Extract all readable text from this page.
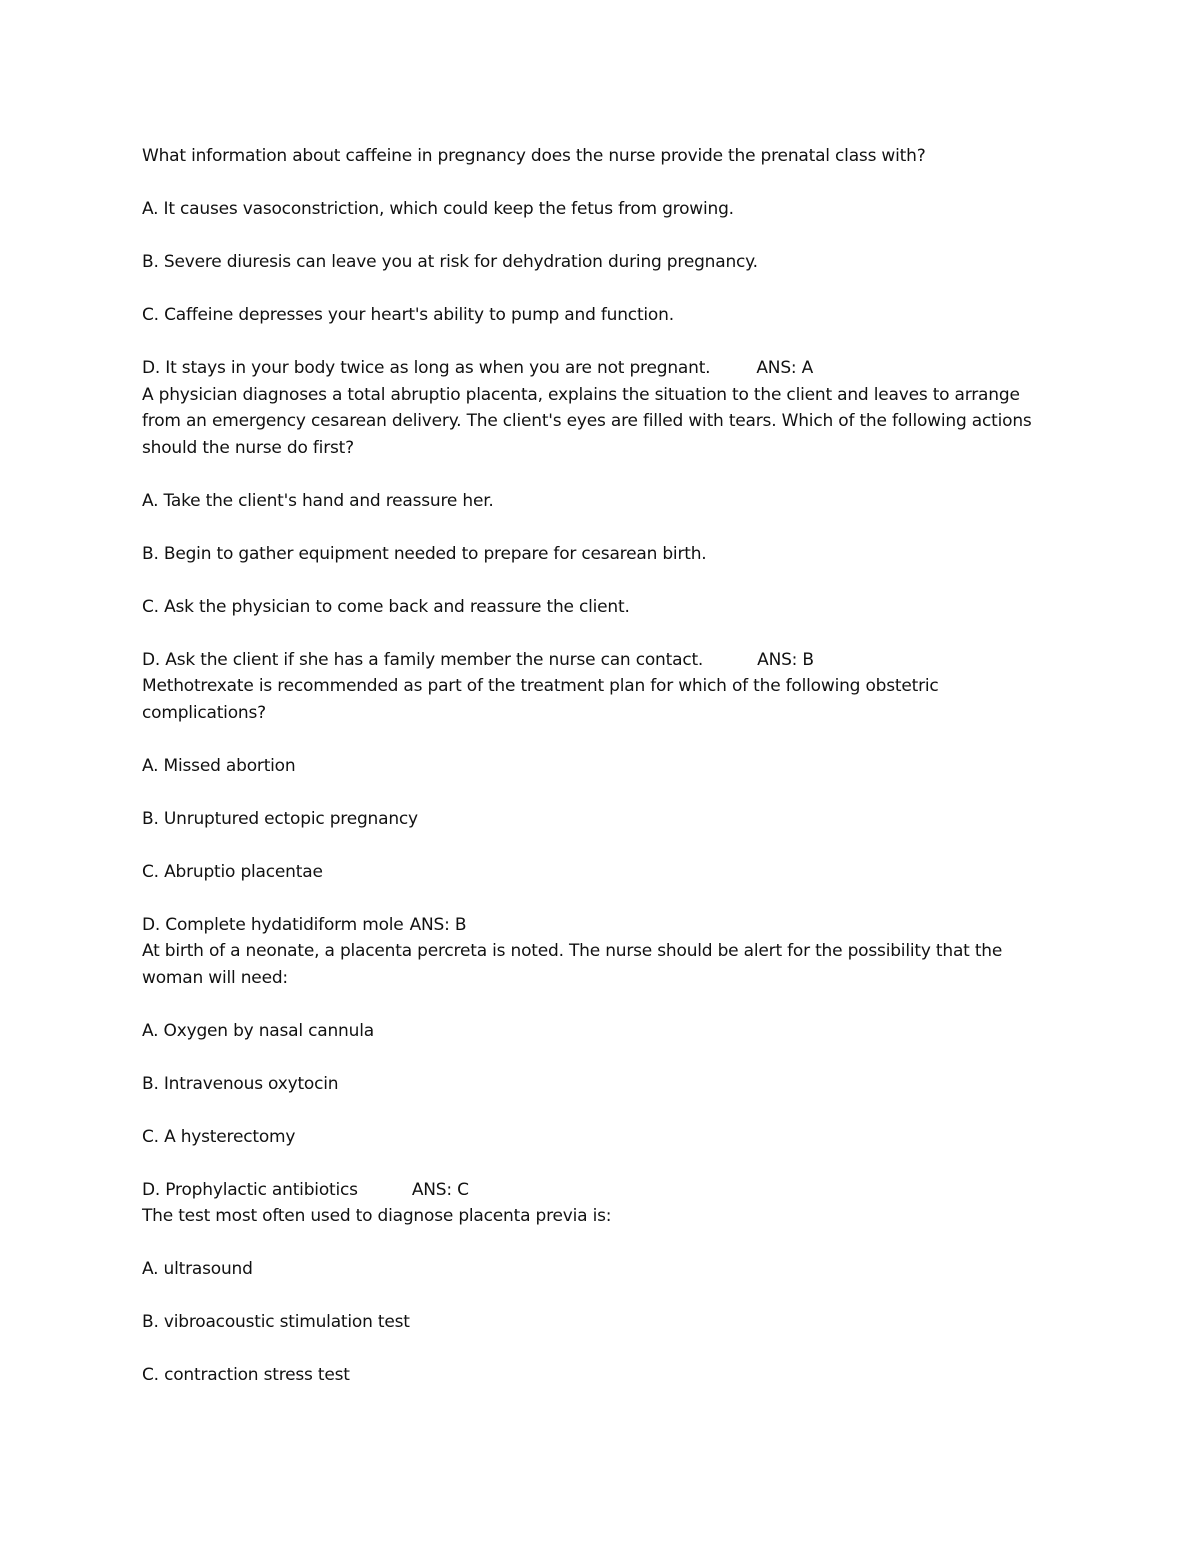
What information about caffeine in pregnancy does the nurse provide the prenatal class with?

A. It causes vasoconstriction, which could keep the fetus from growing.

B. Severe diuresis can leave you at risk for dehydration during pregnancy.

C. Caffeine depresses your heart's ability to pump and function.

D. It stays in your body twice as long as when you are not pregnant.	ANS: A

A physician diagnoses a total abruptio placenta, explains the situation to the client and leaves to arrange from an emergency cesarean delivery. The client's eyes are filled with tears. Which of the following actions should the nurse do first?

A. Take the client's hand and reassure her.

B. Begin to gather equipment needed to prepare for cesarean birth.

C. Ask the physician to come back and reassure the client.

D. Ask the client if she has a family member the nurse can contact.	ANS: B

Methotrexate is recommended as part of the treatment plan for which of the following obstetric complications?

A. Missed abortion

B. Unruptured ectopic pregnancy

C. Abruptio placentae

D. Complete hydatidiform mole ANS: B

At birth of a neonate, a placenta percreta is noted. The nurse should be alert for the possibility that the woman will need:

A. Oxygen by nasal cannula

B. Intravenous oxytocin

C. A hysterectomy

D. Prophylactic antibiotics	ANS: C

The test most often used to diagnose placenta previa is:

A. ultrasound

B. vibroacoustic stimulation test

C. contraction stress test
